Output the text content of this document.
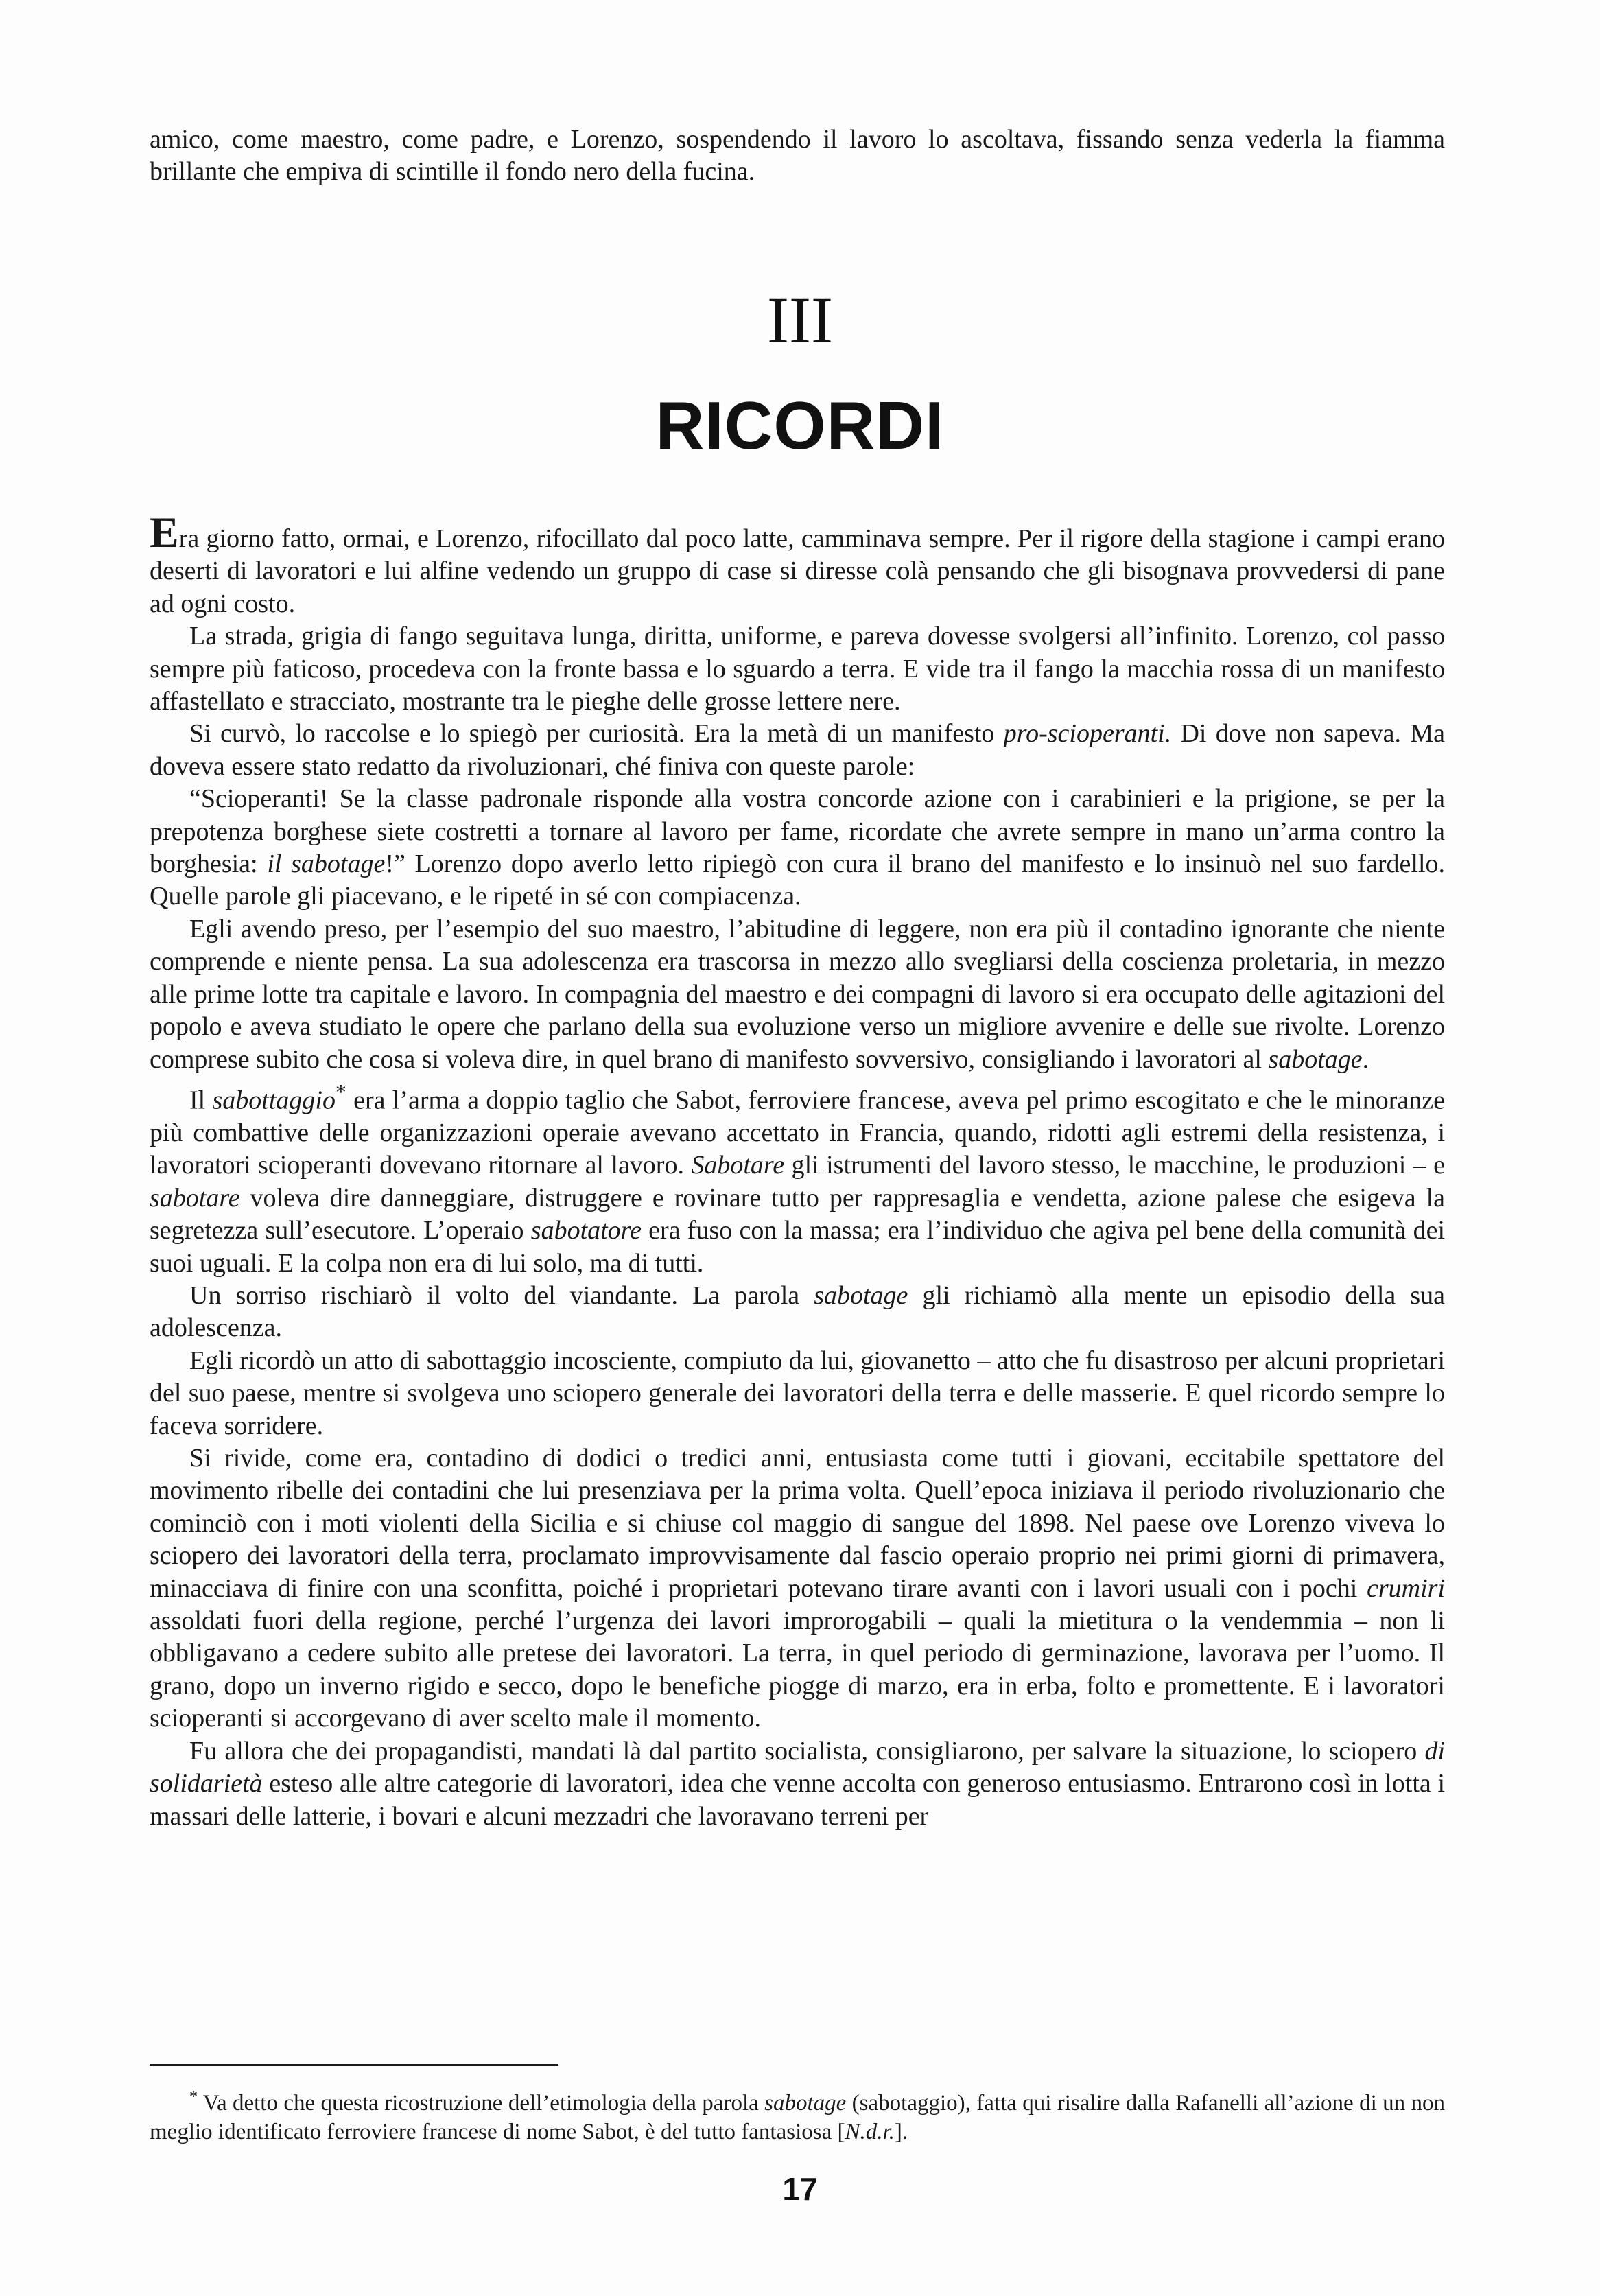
amico, come maestro, come padre, e Lorenzo, sospendendo il lavoro lo ascoltava, fissando senza vederla la fiamma brillante che empiva di scintille il fondo nero della fucina.

III
RICORDI

Era giorno fatto, ormai, e Lorenzo, rifocillato dal poco latte, camminava sempre. Per il rigore della stagione i campi erano deserti di lavoratori e lui alfine vedendo un gruppo di case si diresse colà pensando che gli bisognava provvedersi di pane ad ogni costo.

La strada, grigia di fango seguitava lunga, diritta, uniforme, e pareva dovesse svolgersi all’infinito. Lorenzo, col passo sempre più faticoso, procedeva con la fronte bassa e lo sguardo a terra. E vide tra il fango la macchia rossa di un manifesto affastellato e stracciato, mostrante tra le pieghe delle grosse lettere nere.

Si curvò, lo raccolse e lo spiegò per curiosità. Era la metà di un manifesto pro-scioperanti. Di dove non sapeva. Ma doveva essere stato redatto da rivoluzionari, ché finiva con queste parole:

“Scioperanti! Se la classe padronale risponde alla vostra concorde azione con i carabinieri e la prigione, se per la prepotenza borghese siete costretti a tornare al lavoro per fame, ricordate che avrete sempre in mano un’arma contro la borghesia: il sabotage!” Lorenzo dopo averlo letto ripiegò con cura il brano del manifesto e lo insinuò nel suo fardello. Quelle parole gli piacevano, e le ripeté in sé con compiacenza.

Egli avendo preso, per l’esempio del suo maestro, l’abitudine di leggere, non era più il contadino ignorante che niente comprende e niente pensa. La sua adolescenza era trascorsa in mezzo allo svegliarsi della coscienza proletaria, in mezzo alle prime lotte tra capitale e lavoro. In compagnia del maestro e dei compagni di lavoro si era occupato delle agitazioni del popolo e aveva studiato le opere che parlano della sua evoluzione verso un migliore avvenire e delle sue rivolte. Lorenzo comprese subito che cosa si voleva dire, in quel brano di manifesto sovversivo, consigliando i lavoratori al sabotage.

Il sabottaggio* era l’arma a doppio taglio che Sabot, ferroviere francese, aveva pel primo escogitato e che le minoranze più combattive delle organizzazioni operaie avevano accettato in Francia, quando, ridotti agli estremi della resistenza, i lavoratori scioperanti dovevano ritornare al lavoro. Sabotare gli istrumenti del lavoro stesso, le macchine, le produzioni – e sabotare voleva dire danneggiare, distruggere e rovinare tutto per rappresaglia e vendetta, azione palese che esigeva la segretezza sull’esecutore. L’operaio sabotatore era fuso con la massa; era l’individuo che agiva pel bene della comunità dei suoi uguali. E la colpa non era di lui solo, ma di tutti.

Un sorriso rischiarò il volto del viandante. La parola sabotage gli richiamò alla mente un episodio della sua adolescenza.

Egli ricordò un atto di sabottaggio incosciente, compiuto da lui, giovanetto – atto che fu disastroso per alcuni proprietari del suo paese, mentre si svolgeva uno sciopero generale dei lavoratori della terra e delle masserie. E quel ricordo sempre lo faceva sorridere.

Si rivide, come era, contadino di dodici o tredici anni, entusiasta come tutti i giovani, eccitabile spettatore del movimento ribelle dei contadini che lui presenziava per la prima volta. Quell’epoca iniziava il periodo rivoluzionario che cominciò con i moti violenti della Sicilia e si chiuse col maggio di sangue del 1898. Nel paese ove Lorenzo viveva lo sciopero dei lavoratori della terra, proclamato improvvisamente dal fascio operaio proprio nei primi giorni di primavera, minacciava di finire con una sconfitta, poiché i proprietari potevano tirare avanti con i lavori usuali con i pochi crumiri assoldati fuori della regione, perché l’urgenza dei lavori improrogabili – quali la mietitura o la vendemmia – non li obbligavano a cedere subito alle pretese dei lavoratori. La terra, in quel periodo di germinazione, lavorava per l’uomo. Il grano, dopo un inverno rigido e secco, dopo le benefiche piogge di marzo, era in erba, folto e promettente. E i lavoratori scioperanti si accorgevano di aver scelto male il momento.

Fu allora che dei propagandisti, mandati là dal partito socialista, consigliarono, per salvare la situazione, lo sciopero di solidarietà esteso alle altre categorie di lavoratori, idea che venne accolta con generoso entusiasmo. Entrarono così in lotta i massari delle latterie, i bovari e alcuni mezzadri che lavoravano terreni per

* Va detto che questa ricostruzione dell’etimologia della parola sabotage (sabotaggio), fatta qui risalire dalla Rafanelli all’azione di un non meglio identificato ferroviere francese di nome Sabot, è del tutto fantasiosa [N.d.r.].

17
